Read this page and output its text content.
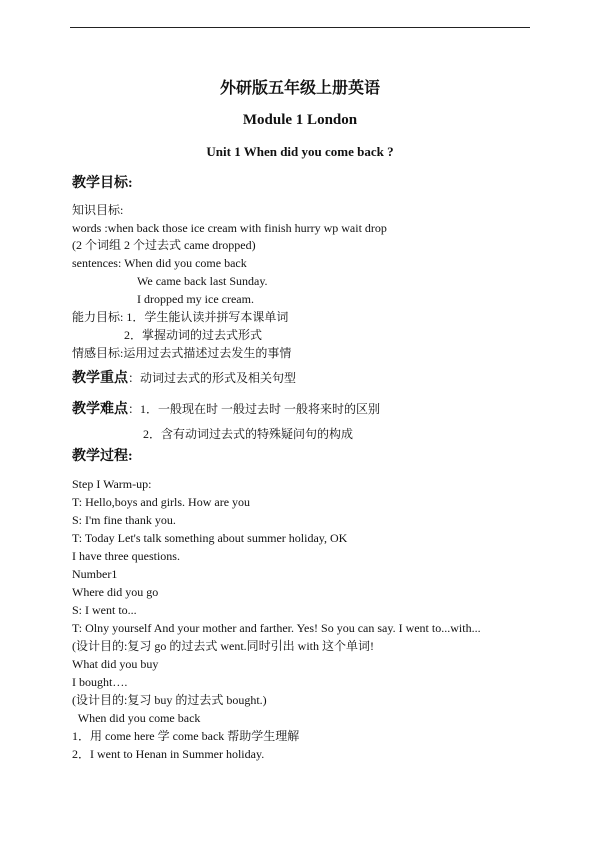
外研版五年级上册英语
Module 1 London
Unit 1 When did you come back ?
教学目标:
知识目标:
words :when back those ice cream with finish hurry wp wait drop
(2 个词组 2 个过去式 came dropped)
sentences: When did you come back
We came back last Sunday.
I dropped my ice cream.
能力目标: 1．学生能认读并拼写本课单词
2．掌握动词的过去式形式
情感目标:运用过去式描述过去发生的事情
教学重点：动词过去式的形式及相关句型
教学难点：1．一般现在时 一般过去时 一般将来时的区别
2．含有动词过去式的特殊疑问句的构成
教学过程:
Step I Warm-up:
T: Hello,boys and girls. How are you
S: I'm fine thank you.
T: Today Let's talk something about summer holiday, OK
I have three questions.
Number1
Where did you go
S: I went to...
T: Olny yourself And your mother and farther. Yes! So you can say. I went to...with...
(设计目的:复习 go 的过去式 went.同时引出 with 这个单词!
What did you buy
I bought….
(设计目的:复习 buy 的过去式 bought.)
When did you come back
1．用 come here 学 come back 帮助学生理解
2．I went to Henan in Summer holiday.
